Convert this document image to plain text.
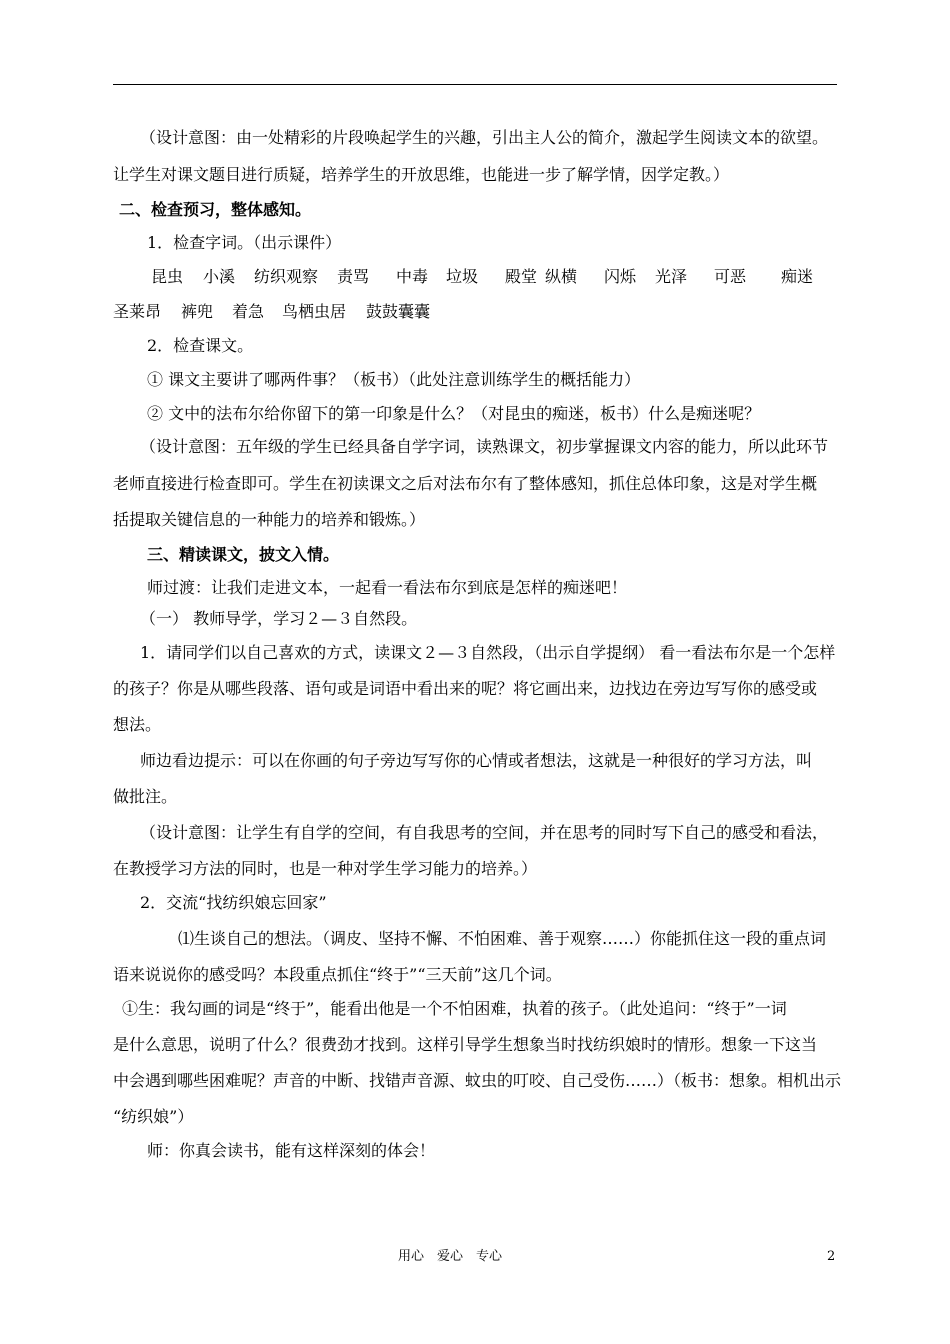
（设计意图：由一处精彩的片段唤起学生的兴趣，引出主人公的简介，激起学生阅读文本的欲望。
让学生对课文题目进行质疑，培养学生的开放思维，也能进一步了解学情，因学定教。）
二、检查预习，整体感知。
1．检查字词。（出示课件）
昆虫 小溪 纺织观察 责骂 中毒 垃圾 殿堂 纵横 闪烁 光泽 可恶 痴迷
圣莱昂 裤兜 着急 鸟栖虫居 鼓鼓囊囊
2．检查课文。
① 课文主要讲了哪两件事？（板书）（此处注意训练学生的概括能力）
② 文中的法布尔给你留下的第一印象是什么？（对昆虫的痴迷，板书）什么是痴迷呢？
（设计意图：五年级的学生已经具备自学字词，读熟课文，初步掌握课文内容的能力，所以此环节
老师直接进行检查即可。学生在初读课文之后对法布尔有了整体感知，抓住总体印象，这是对学生概
括提取关键信息的一种能力的培养和锻炼。）
三、精读课文，披文入情。
师过渡：让我们走进文本，一起看一看法布尔到底是怎样的痴迷吧！
（一） 教师导学，学习２—３自然段。
1．请同学们以自己喜欢的方式，读课文２—３自然段，（出示自学提纲） 看一看法布尔是一个怎样
的孩子？你是从哪些段落、语句或是词语中看出来的呢？将它画出来，边找边在旁边写写你的感受或
想法。
师边看边提示：可以在你画的句子旁边写写你的心情或者想法，这就是一种很好的学习方法，叫
做批注。
（设计意图：让学生有自学的空间，有自我思考的空间，并在思考的同时写下自己的感受和看法，
在教授学习方法的同时，也是一种对学生学习能力的培养。）
2．交流“找纺织娘忘回家”
⑴生谈自己的想法。（调皮、坚持不懈、不怕困难、善于观察……）你能抓住这一段的重点词
语来说说你的感受吗？本段重点抓住“终于”“三天前”这几个词。
①生：我勾画的词是“终于”，能看出他是一个不怕困难，执着的孩子。（此处追问：“终于”一词
是什么意思，说明了什么？很费劲才找到。这样引导学生想象当时找纺织娘时的情形。想象一下这当
中会遇到哪些困难呢？声音的中断、找错声音源、蚊虫的叮咬、自己受伤……）（板书：想象。相机出示
“纺织娘”）
师：你真会读书，能有这样深刻的体会！
用心　爱心　专心	2
